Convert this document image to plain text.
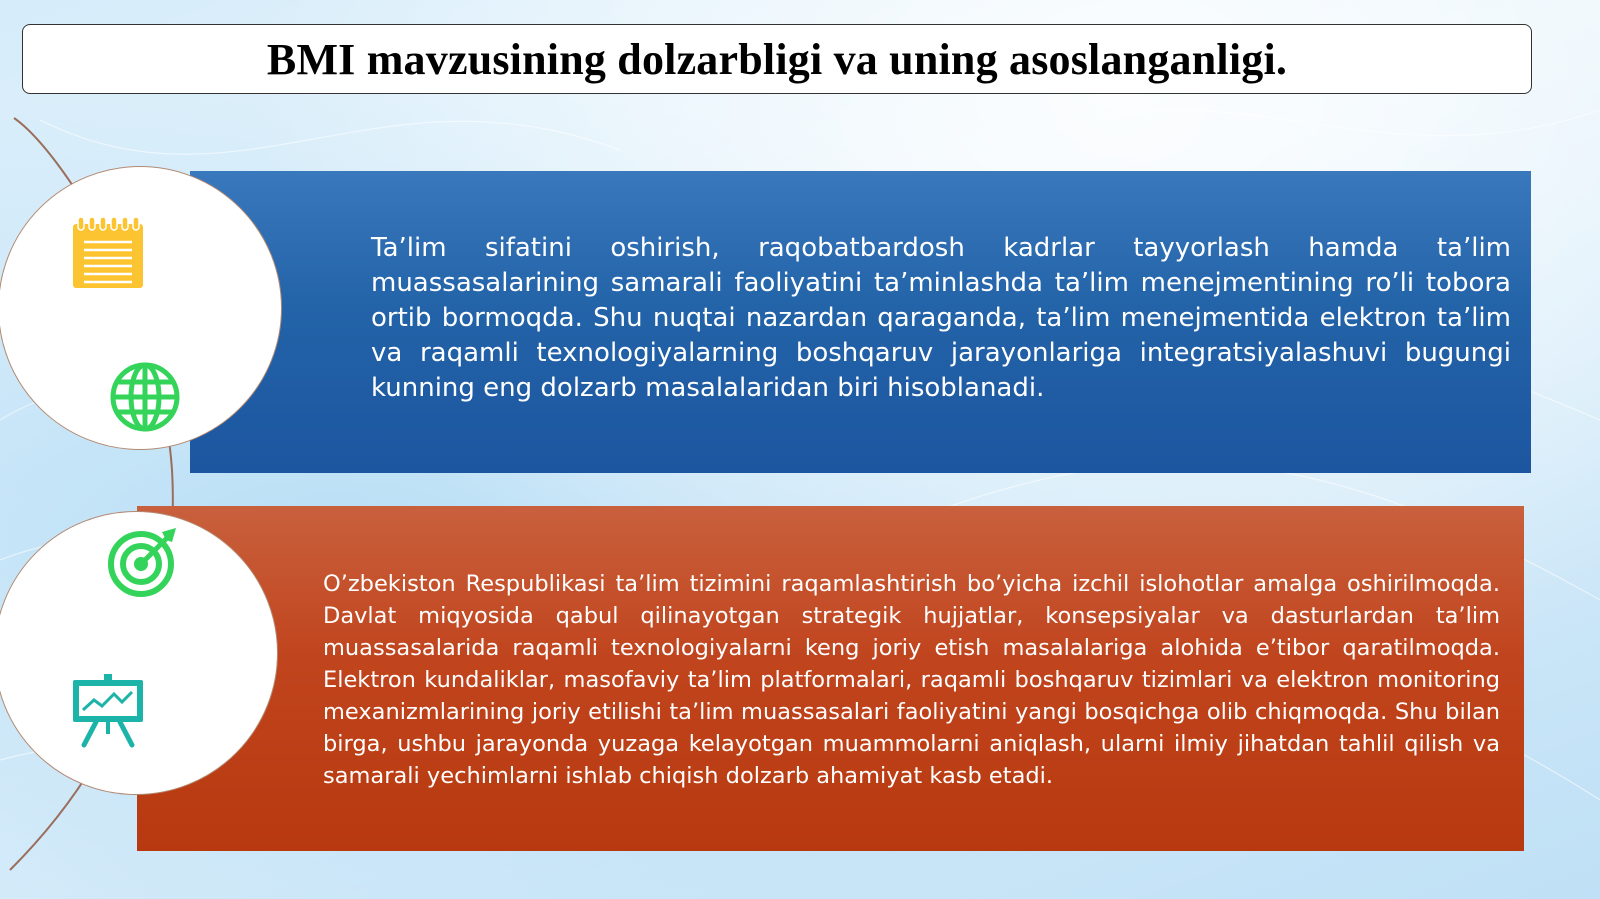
BMI mavzusining dolzarbligi va uning asoslanganligi.
Ta’lim sifatini oshirish, raqobatbardosh kadrlar tayyorlash hamda ta’lim muassasalarining samarali faoliyatini ta’minlashda ta’lim menejmentining ro’li tobora ortib bormoqda. Shu nuqtai nazardan qaraganda, ta’lim menejmentida elektron ta’lim va raqamli texnologiyalarning boshqaruv jarayonlariga integratsiyalashuvi bugungi kunning eng dolzarb masalalaridan biri hisoblanadi.
O’zbekiston Respublikasi ta’lim tizimini raqamlashtirish bo’yicha izchil islohotlar amalga oshirilmoqda. Davlat miqyosida qabul qilinayotgan strategik hujjatlar, konsepsiyalar va dasturlardan ta’lim muassasalarida raqamli texnologiyalarni keng joriy etish masalalariga alohida e’tibor qaratilmoqda. Elektron kundaliklar, masofaviy ta’lim platformalari, raqamli boshqaruv tizimlari va elektron monitoring mexanizmlarining joriy etilishi ta’lim muassasalari faoliyatini yangi bosqichga olib chiqmoqda. Shu bilan birga, ushbu jarayonda yuzaga kelayotgan muammolarni aniqlash, ularni ilmiy jihatdan tahlil qilish va samarali yechimlarni ishlab chiqish dolzarb ahamiyat kasb etadi.
